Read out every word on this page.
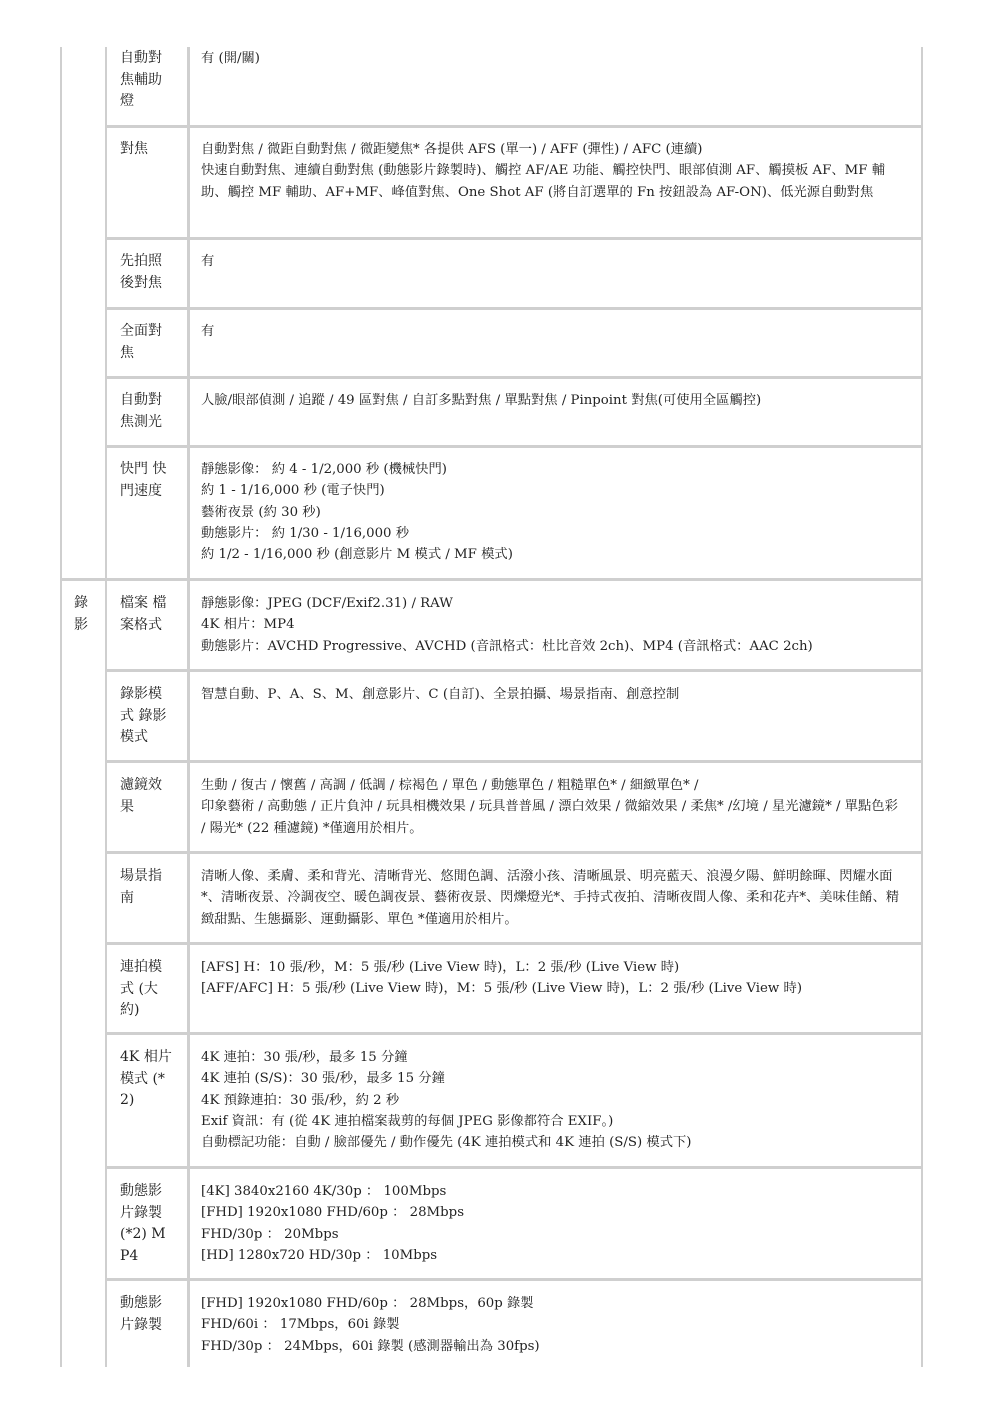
錄影
自動對焦輔助燈
有 (開/關)
對焦	自動對焦 / 微距自動對焦 / 微距變焦* 各提供 AFS (單一) / AFF (彈性) / AFC (連續)
快速自動對焦、連續自動對焦 (動態影片錄製時)、觸控 AF/AE 功能、觸控快門、眼部偵測 AF、觸摸板 AF、MF 輔助、觸控 MF 輔助、AF+MF、峰值對焦、One Shot AF (將自訂選單的 Fn 按鈕設為 AF-ON)、低光源自動對焦
先拍照後對焦
有
全面對焦
有
自動對焦測光
人臉/眼部偵測 / 追蹤 / 49 區對焦 / 自訂多點對焦 / 單點對焦 / Pinpoint 對焦(可使用全區觸控)
快門 快門速度
靜態影像： 約 4 - 1/2,000 秒 (機械快門)
約 1 - 1/16,000 秒 (電子快門)
藝術夜景 (約 30 秒)
動態影片： 約 1/30 - 1/16,000 秒
約 1/2 - 1/16,000 秒 (創意影片 M 模式 / MF 模式)
檔案 檔案格式
靜態影像：JPEG (DCF/Exif2.31) / RAW
4K 相片：MP4
動態影片：AVCHD Progressive、AVCHD (音訊格式：杜比音效 2ch)、MP4 (音訊格式：AAC 2ch)
錄影模式 錄影模式
智慧自動、P、A、S、M、創意影片、C (自訂)、全景拍攝、場景指南、創意控制
濾鏡效果
生動 / 復古 / 懷舊 / 高調 / 低調 / 棕褐色 / 單色 / 動態單色 / 粗糙單色* / 細緻單色* /
印象藝術 / 高動態 / 正片負沖 / 玩具相機效果 / 玩具普普風 / 漂白效果 / 微縮效果 / 柔焦* /幻境 / 星光濾鏡* / 單點色彩 / 陽光* (22 種濾鏡) *僅適用於相片。
場景指南
清晰人像、柔膚、柔和背光、清晰背光、悠閒色調、活潑小孩、清晰風景、明亮藍天、浪漫夕陽、鮮明餘暉、閃耀水面*、清晰夜景、冷調夜空、暖色調夜景、藝術夜景、閃爍燈光*、手持式夜拍、清晰夜間人像、柔和花卉*、美味佳餚、精緻甜點、生態攝影、運動攝影、單色 *僅適用於相片。
連拍模式 (大約)
[AFS] H：10 張/秒，M：5 張/秒 (Live View 時)，L：2 張/秒 (Live View 時)
[AFF/AFC] H：5 張/秒 (Live View 時)，M：5 張/秒 (Live View 時)，L：2 張/秒 (Live View 時)
4K 相片模式 (*2)
4K 連拍：30 張/秒，最多 15 分鐘
4K 連拍 (S/S)：30 張/秒，最多 15 分鐘
4K 預錄連拍：30 張/秒，約 2 秒
Exif 資訊：有 (從 4K 連拍檔案裁剪的每個 JPEG 影像都符合 EXIF。)
自動標記功能：自動 / 臉部優先 / 動作優先 (4K 連拍模式和 4K 連拍 (S/S) 模式下)
動態影片錄製 (*2) MP4
[4K] 3840x2160 4K/30p ： 100Mbps
[FHD] 1920x1080 FHD/60p ： 28Mbps
FHD/30p ： 20Mbps
[HD] 1280x720 HD/30p ： 10Mbps
動態影片錄製
[FHD] 1920x1080 FHD/60p ： 28Mbps，60p 錄製
FHD/60i ： 17Mbps，60i 錄製
FHD/30p ： 24Mbps，60i 錄製 (感測器輸出為 30fps)
